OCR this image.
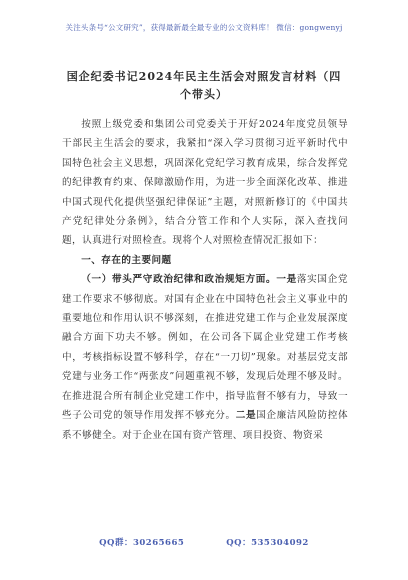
关注头条号“公文研究”，获得最新最全最专业的公文资料库！ 微信：gongwenyj
国企纪委书记2024年民主生活会对照发言材料（四个带头）

按照上级党委和集团公司党委关于开好2024年度党员领导干部民主生活会的要求，我紧扣“深入学习贯彻习近平新时代中国特色社会主义思想，巩固深化党纪学习教育成果，综合发挥党的纪律教育约束、保障激励作用，为进一步全面深化改革、推进中国式现代化提供坚强纪律保证”主题，对照新修订的《中国共产党纪律处分条例》，结合分管工作和个人实际，深入查找问题，认真进行对照检查。现将个人对照检查情况汇报如下：

一、存在的主要问题

（一）带头严守政治纪律和政治规矩方面。一是落实国企党建工作要求不够彻底。对国有企业在中国特色社会主义事业中的重要地位和作用认识不够深刻，在推进党建工作与企业发展深度融合方面下功夫不够。例如，在公司各下属企业党建工作考核中，考核指标设置不够科学，存在“一刀切”现象。对基层党支部党建与业务工作“两张皮”问题重视不够，发现后处理不够及时。在推进混合所有制企业党建工作中，指导监督不够有力，导致一些子公司党的领导作用发挥不够充分。二是国企廉洁风险防控体系不够健全。对于企业在国有资产管理、项目投资、物资采

QQ群：30265665	QQ：535304092
